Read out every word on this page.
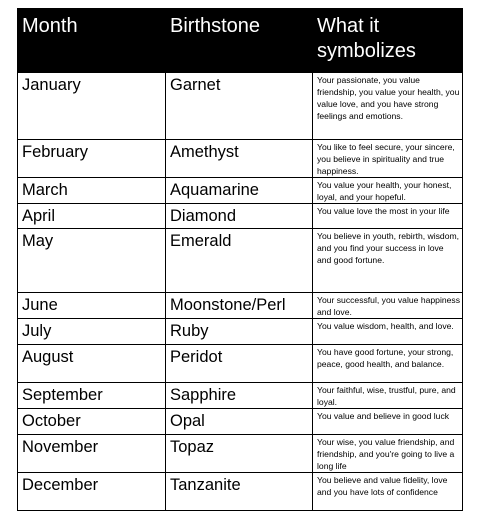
Month	Birthstone	What it symbolizes
January	Garnet	Your passionate, you value friendship, you value your health, you value love, and you have strong feelings and emotions.
February	Amethyst	You like to feel secure, your sincere, you believe in spirituality and true happiness.
March	Aquamarine	You value your health, your honest, loyal, and your hopeful.
April	Diamond	You value love the most in your life
May	Emerald	You believe in youth, rebirth, wisdom, and you find your success in love and good fortune.
June	Moonstone/Perl	Your successful, you value happiness and love.
July	Ruby	You value wisdom, health, and love.
August	Peridot	You have good fortune, your strong, peace, good health, and balance.
September	Sapphire	Your faithful, wise, trustful, pure, and loyal.
October	Opal	You value and believe in good luck
November	Topaz	Your wise, you value friendship, and friendship, and you're going to live a long life
December	Tanzanite	You believe and value fidelity, love and you have lots of confidence
